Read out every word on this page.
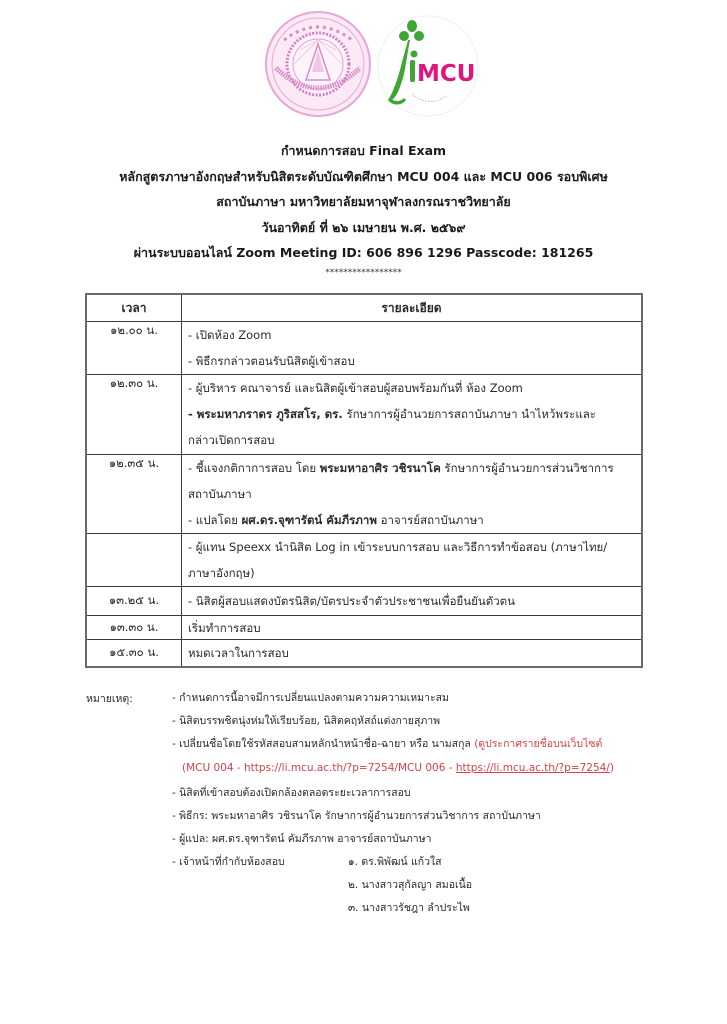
MCU
กำหนดการสอบ Final Exam
หลักสูตรภาษาอังกฤษสำหรับนิสิตระดับบัณฑิตศึกษา MCU 004 และ MCU 006 รอบพิเศษ
สถาบันภาษา มหาวิทยาลัยมหาจุฬาลงกรณราชวิทยาลัย
วันอาทิตย์ ที่ ๒๖ เมษายน พ.ศ. ๒๕๖๙
ผ่านระบบออนไลน์ Zoom Meeting ID: 606 896 1296 Passcode: 181265
*****************
เวลา	รายละเอียด
๑๒.๐๐ น.	- เปิดห้อง Zoom
- พิธีกรกล่าวตอนรับนิสิตผู้เข้าสอบ

๑๒.๓๐ น.	- ผู้บริหาร คณาจารย์ และนิสิตผู้เข้าสอบผู้สอบพร้อมกันที่ ห้อง Zoom
- พระมหาภราดร ภูริสสโร, ดร. รักษาการผู้อำนวยการสถาบันภาษา นำไหว้พระและ
กล่าวเปิดการสอบ

๑๒.๓๕ น.	- ชี้แจงกติกาการสอบ โดย พระมหาอาศิร วชิรนาโค รักษาการผู้อำนวยการส่วนวิชาการ
สถาบันภาษา
- แปลโดย ผศ.ดร.จุฑารัตน์ คัมภีรภาพ อาจารย์สถาบันภาษา

	- ผู้แทน Speexx นำนิสิต Log in เข้าระบบการสอบ และวิธีการทำข้อสอบ (ภาษาไทย/
ภาษาอังกฤษ)

๑๓.๒๕ น.	- นิสิตผู้สอบแสดงบัตรนิสิต/บัตรประจำตัวประชาชนเพื่อยืนยันตัวตน

๑๓.๓๐ น.	เริ่มทำการสอบ

๑๕.๓๐ น.	หมดเวลาในการสอบ
หมายเหตุ:	- กำหนดการนี้อาจมีการเปลี่ยนแปลงตามความความเหมาะสม
- นิสิตบรรพชิตนุ่งห่มให้เรียบร้อย, นิสิตคฤหัสถ์แต่งกายสุภาพ
- เปลี่ยนชื่อโดยใช้รหัสสอบสามหลักนำหน้าชื่อ-ฉายา หรือ นามสกุล (ดูประกาศรายชื่อบนเว็บไซต์
(MCU 004 - https://li.mcu.ac.th/?p=7254/MCU 006 - https://li.mcu.ac.th/?p=7254/)
- นิสิตที่เข้าสอบต้องเปิดกล้องตลอดระยะเวลาการสอบ
- พิธีกร: พระมหาอาศิร วชิรนาโค รักษาการผู้อำนวยการส่วนวิชาการ สถาบันภาษา
- ผู้แปล: ผศ.ดร.จุฑารัตน์ คัมภีรภาพ อาจารย์สถาบันภาษา
- เจ้าหน้าที่กำกับห้องสอบ	๑. ดร.พิพัฒน์ แก้วใส
๒. นางสาวสุกัลญา สมอเนื้อ
๓. นางสาวรัชฎา ลำประไพ
